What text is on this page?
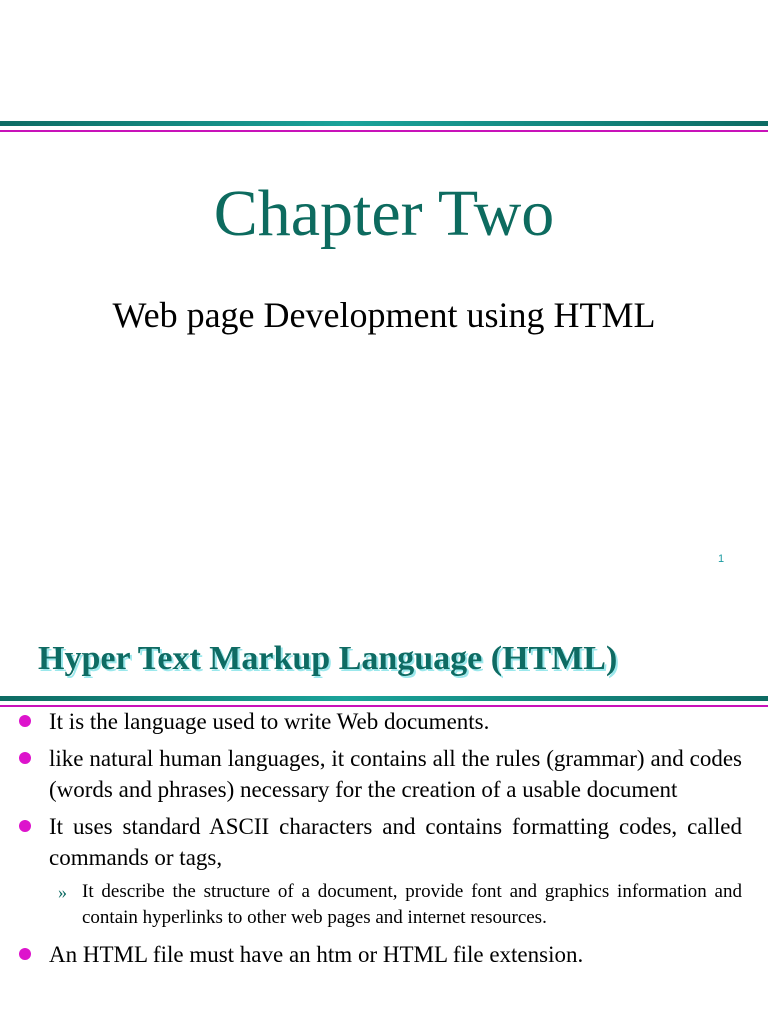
Chapter Two
Web page Development using HTML
1
Hyper Text Markup Language (HTML)
It is the language used to write Web documents.
like natural human languages, it contains all the rules (grammar) and codes (words and phrases) necessary for the creation of a usable document
It uses standard ASCII characters and contains formatting codes, called commands or tags,
» It describe the structure of a document, provide font and graphics information and contain hyperlinks to other web pages and internet resources.
An HTML file must have an htm or HTML file extension.
